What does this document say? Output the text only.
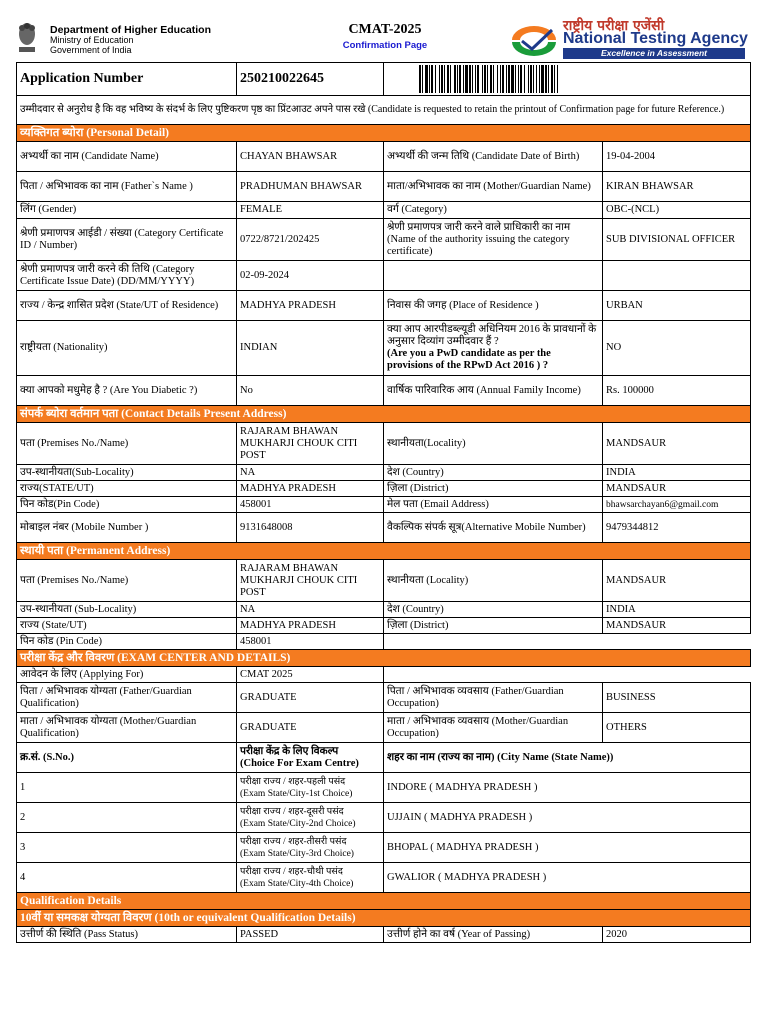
Department of Higher Education
Ministry of Education
Government of India
CMAT-2025
Confirmation Page
राष्ट्रीय परीक्षा एजेंसी
National Testing Agency
Excellence in Assessment
Application Number	250210022645		

उम्मीदवार से अनुरोध है कि वह भविष्य के संदर्भ के लिए पुष्टिकरण पृष्ठ का प्रिंटआउट अपने पास रखे (Candidate is requested to retain the printout of Confirmation page for future Reference.)			
व्यक्तिगत ब्योरा (Personal Detail)			
अभ्यर्थी का नाम (Candidate Name)	CHAYAN BHAWSAR	अभ्यर्थी की जन्म तिथि (Candidate Date of Birth)	19-04-2004
पिता / अभिभावक का नाम (Father`s Name )	PRADHUMAN BHAWSAR	माता/अभिभावक का नाम (Mother/Guardian Name)	KIRAN BHAWSAR
लिंग (Gender)	FEMALE	वर्ग (Category)	OBC-(NCL)
श्रेणी प्रमाणपत्र आईडी / संख्या (Category Certificate ID / Number)	0722/8721/202425	श्रेणी प्रमाणपत्र जारी करने वाले प्राधिकारी का नाम (Name of the authority issuing the category certificate)	SUB DIVISIONAL OFFICER
श्रेणी प्रमाणपत्र जारी करने की तिथि (Category Certificate Issue Date) (DD/MM/YYYY)	02-09-2024		
राज्य / केन्द्र शासित प्रदेश (State/UT of Residence)	MADHYA PRADESH	निवास की जगह (Place of Residence )	URBAN
राष्ट्रीयता (Nationality)	INDIAN	क्या आप आरपीडब्ल्यूडी अधिनियम 2016 के प्रावधानों के अनुसार दिव्यांग उम्मीदवार हैं ?
(Are you a PwD candidate as per the provisions of the RPwD Act 2016 ) ?	NO
क्या आपको मधुमेह है ? (Are You Diabetic ?)	No	वार्षिक पारिवारिक आय (Annual Family Income)	Rs. 100000
संपर्क ब्योरा वर्तमान पता (Contact Details Present Address)			
पता (Premises No./Name)	RAJARAM BHAWAN MUKHARJI CHOUK CITI POST	स्थानीयता(Locality)	MANDSAUR
उप-स्थानीयता(Sub-Locality)	NA	देश (Country)	INDIA
राज्य(STATE/UT)	MADHYA PRADESH	ज़िला (District)	MANDSAUR
पिन कोड(Pin Code)	458001	मेल पता (Email Address)	bhawsarchayan6@gmail.com
मोबाइल नंबर (Mobile Number )	9131648008	वैकल्पिक संपर्क सूत्र(Alternative Mobile Number)	9479344812
स्थायी पता (Permanent Address)			
पता (Premises No./Name)	RAJARAM BHAWAN MUKHARJI CHOUK CITI POST	स्थानीयता (Locality)	MANDSAUR
उप-स्थानीयता (Sub-Locality)	NA	देश (Country)	INDIA
राज्य (State/UT)	MADHYA PRADESH	ज़िला (District)	MANDSAUR
पिन कोड (Pin Code)	458001		
परीक्षा केंद्र और विवरण (EXAM CENTER AND DETAILS)			
आवेदन के लिए (Applying For)	CMAT 2025		
पिता / अभिभावक योग्यता (Father/Guardian Qualification)	GRADUATE	पिता / अभिभावक व्यवसाय (Father/Guardian Occupation)	BUSINESS
माता / अभिभावक योग्यता (Mother/Guardian Qualification)	GRADUATE	माता / अभिभावक व्यवसाय (Mother/Guardian Occupation)	OTHERS
क्र.सं. (S.No.)	परीक्षा केंद्र के लिए विकल्प
(Choice For Exam Centre)	शहर का नाम (राज्य का नाम) (City Name (State Name))	
1	परीक्षा राज्य / शहर-पहली पसंद
(Exam State/City-1st Choice)	INDORE ( MADHYA PRADESH )	
2	परीक्षा राज्य / शहर-दूसरी पसंद
(Exam State/City-2nd Choice)	UJJAIN ( MADHYA PRADESH )	
3	परीक्षा राज्य / शहर-तीसरी पसंद
(Exam State/City-3rd Choice)	BHOPAL ( MADHYA PRADESH )	
4	परीक्षा राज्य / शहर-चौथी पसंद
(Exam State/City-4th Choice)	GWALIOR ( MADHYA PRADESH )	
Qualification Details			
10वीं या समकक्ष योग्यता विवरण (10th or equivalent Qualification Details)			
उत्तीर्ण की स्थिति (Pass Status)	PASSED	उत्तीर्ण होने का वर्ष (Year of Passing)	2020
